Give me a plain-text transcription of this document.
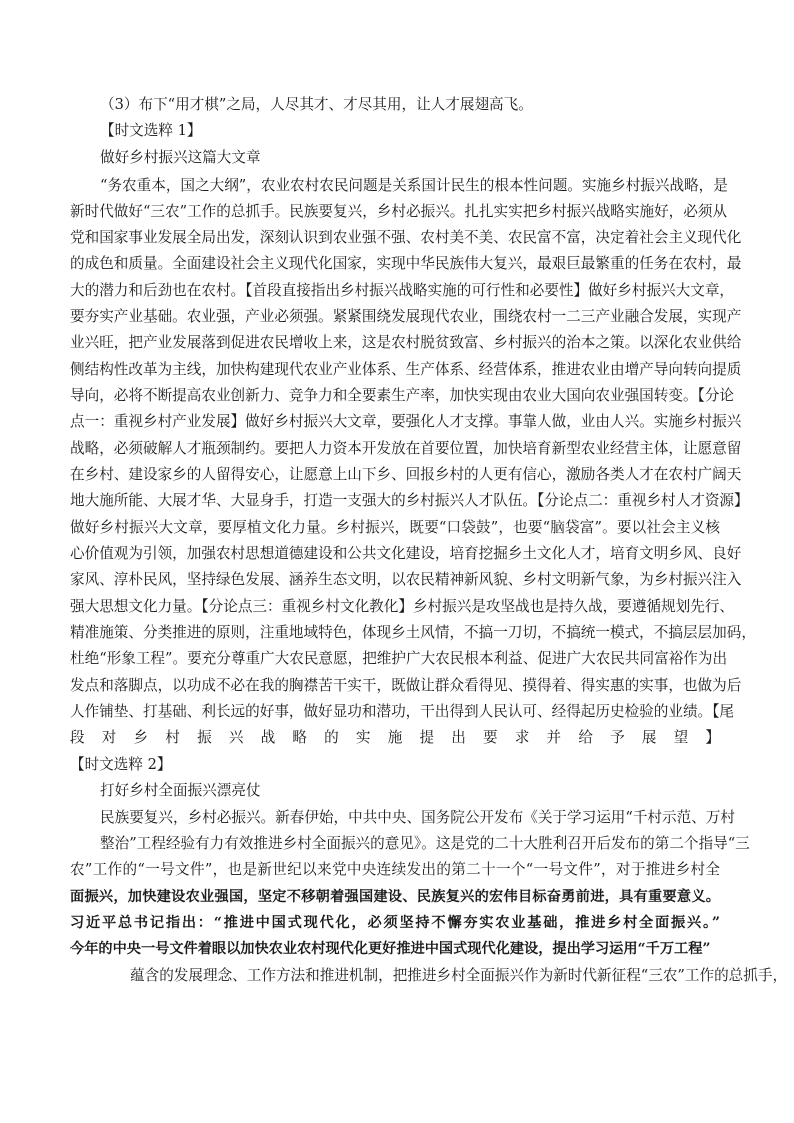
（3）布下“用才棋”之局，人尽其才、才尽其用，让人才展翅高飞。
【时文选粹 1】
做好乡村振兴这篇大文章
“务农重本，国之大纲”，农业农村农民问题是关系国计民生的根本性问题。实施乡村振兴战略，是
新时代做好“三农”工作的总抓手。民族要复兴，乡村必振兴。扎扎实实把乡村振兴战略实施好，必须从
党和国家事业发展全局出发，深刻认识到农业强不强、农村美不美、农民富不富，决定着社会主义现代化
的成色和质量。全面建设社会主义现代化国家，实现中华民族伟大复兴，最艰巨最繁重的任务在农村，最
大的潜力和后劲也在农村。【首段直接指出乡村振兴战略实施的可行性和必要性】做好乡村振兴大文章，
要夯实产业基础。农业强，产业必须强。紧紧围绕发展现代农业，围绕农村一二三产业融合发展，实现产
业兴旺，把产业发展落到促进农民增收上来，这是农村脱贫致富、乡村振兴的治本之策。以深化农业供给
侧结构性改革为主线，加快构建现代农业产业体系、生产体系、经营体系，推进农业由增产导向转向提质
导向，必将不断提高农业创新力、竞争力和全要素生产率，加快实现由农业大国向农业强国转变。【分论
点一：重视乡村产业发展】做好乡村振兴大文章，要强化人才支撑。事靠人做，业由人兴。实施乡村振兴
战略，必须破解人才瓶颈制约。要把人力资本开发放在首要位置，加快培育新型农业经营主体，让愿意留
在乡村、建设家乡的人留得安心，让愿意上山下乡、回报乡村的人更有信心，激励各类人才在农村广阔天
地大施所能、大展才华、大显身手，打造一支强大的乡村振兴人才队伍。【分论点二：重视乡村人才资源】
做好乡村振兴大文章，要厚植文化力量。乡村振兴，既要“口袋鼓”，也要“脑袋富”。要以社会主义核
心价值观为引领，加强农村思想道德建设和公共文化建设，培育挖掘乡土文化人才，培育文明乡风、良好
家风、淳朴民风，坚持绿色发展、涵养生态文明，以农民精神新风貌、乡村文明新气象，为乡村振兴注入
强大思想文化力量。【分论点三：重视乡村文化教化】乡村振兴是攻坚战也是持久战，要遵循规划先行、
精准施策、分类推进的原则，注重地域特色，体现乡土风情，不搞一刀切，不搞统一模式，不搞层层加码，
杜绝“形象工程”。要充分尊重广大农民意愿，把维护广大农民根本利益、促进广大农民共同富裕作为出
发点和落脚点，以功成不必在我的胸襟苦干实干，既做让群众看得见、摸得着、得实惠的实事，也做为后
人作铺垫、打基础、利长远的好事，做好显功和潜功，干出得到人民认可、经得起历史检验的业绩。【尾
段对乡村振兴战略的实施提出要求并给予展望】
【时文选粹 2】
打好乡村全面振兴漂亮仗
民族要复兴，乡村必振兴。新春伊始，中共中央、国务院公开发布《关于学习运用“千村示范、万村
整治”工程经验有力有效推进乡村全面振兴的意见》。这是党的二十大胜利召开后发布的第二个指导“三
农”工作的“一号文件”，也是新世纪以来党中央连续发出的第二十一个“一号文件”，对于推进乡村全
面振兴，加快建设农业强国，坚定不移朝着强国建设、民族复兴的宏伟目标奋勇前进，具有重要意义。
习近平总书记指出：“推进中国式现代化，必须坚持不懈夯实农业基础，推进乡村全面振兴。”
今年的中央一号文件着眼以加快农业农村现代化更好推进中国式现代化建设，提出学习运用“千万工程”
蕴含的发展理念、工作方法和推进机制，把推进乡村全面振兴作为新时代新征程“三农”工作的总抓手，
